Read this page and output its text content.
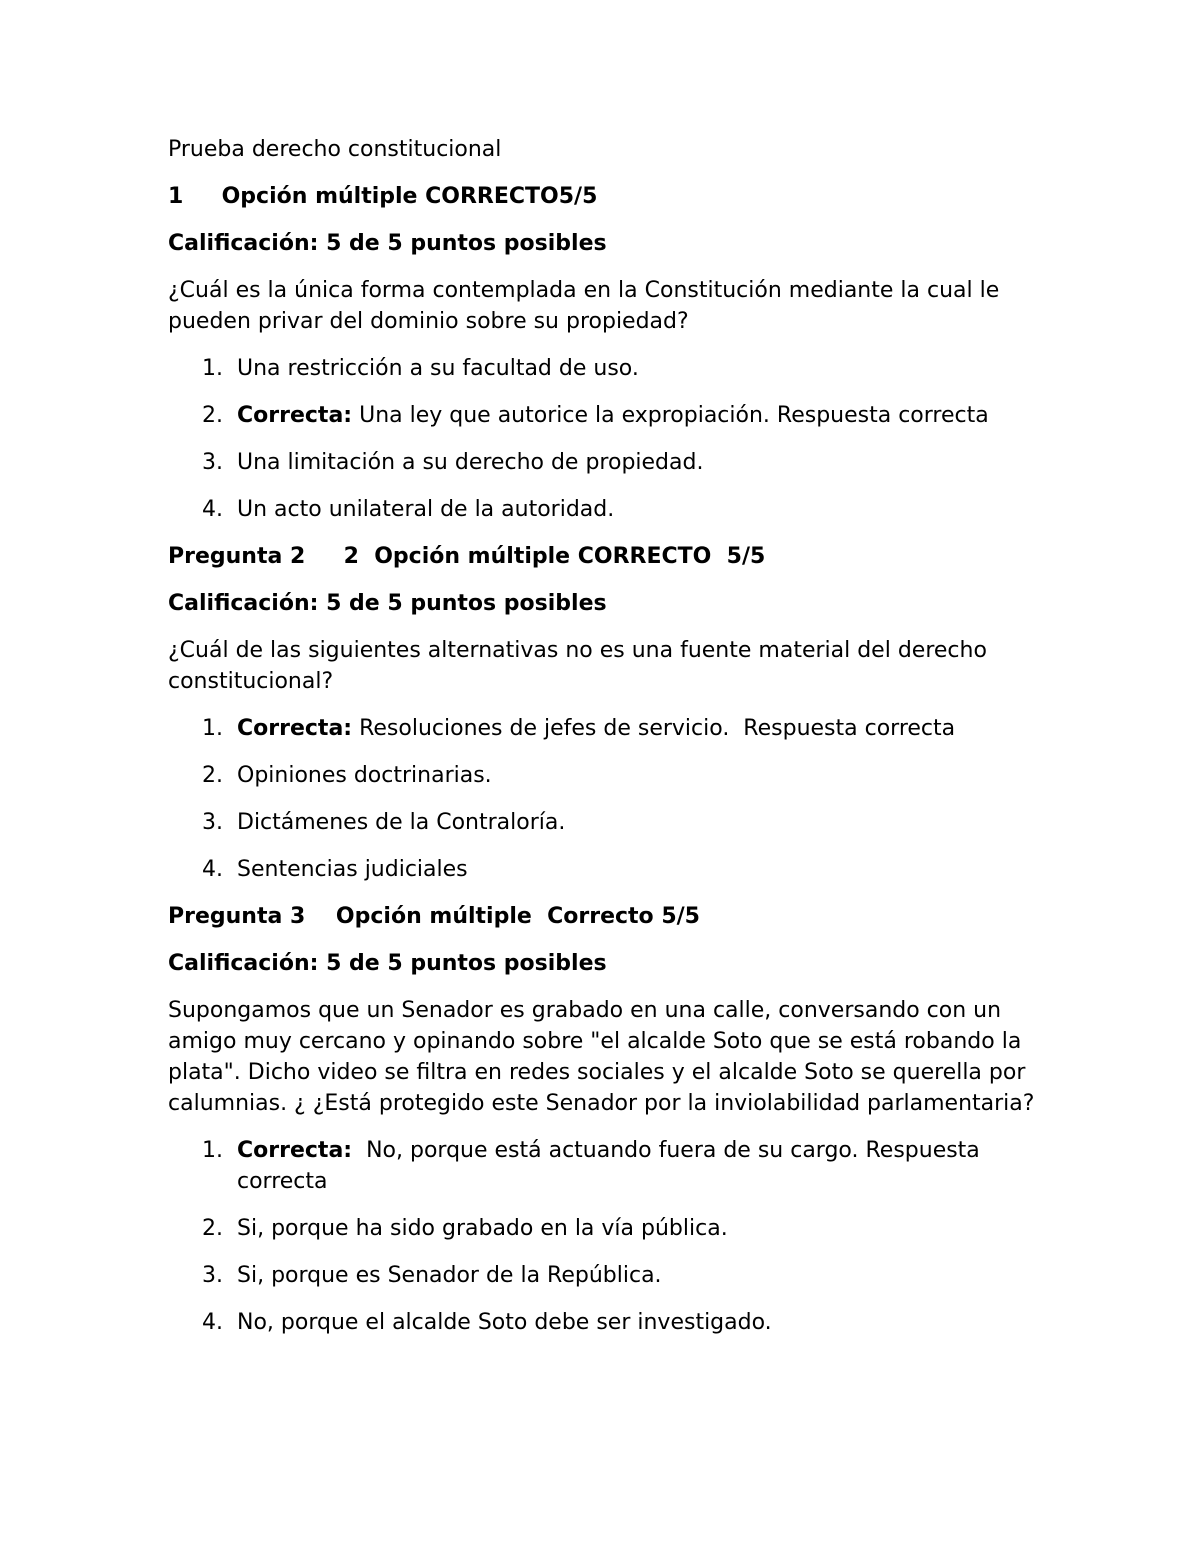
Prueba derecho constitucional
1     Opción múltiple CORRECTO5/5
Calificación: 5 de 5 puntos posibles
¿Cuál es la única forma contemplada en la Constitución mediante la cual le pueden privar del dominio sobre su propiedad?
1. Una restricción a su facultad de uso.
2. Correcta: Una ley que autorice la expropiación. Respuesta correcta
3. Una limitación a su derecho de propiedad.
4. Un acto unilateral de la autoridad.
Pregunta 2     2  Opción múltiple CORRECTO  5/5
Calificación: 5 de 5 puntos posibles
¿Cuál de las siguientes alternativas no es una fuente material del derecho constitucional?
1. Correcta: Resoluciones de jefes de servicio.  Respuesta correcta
2. Opiniones doctrinarias.
3. Dictámenes de la Contraloría.
4. Sentencias judiciales
Pregunta 3    Opción múltiple  Correcto 5/5
Calificación: 5 de 5 puntos posibles
Supongamos que un Senador es grabado en una calle, conversando con un amigo muy cercano y opinando sobre "el alcalde Soto que se está robando la plata". Dicho video se filtra en redes sociales y el alcalde Soto se querella por calumnias. ¿ ¿Está protegido este Senador por la inviolabilidad parlamentaria?
1. Correcta:  No, porque está actuando fuera de su cargo. Respuesta correcta
2. Si, porque ha sido grabado en la vía pública.
3. Si, porque es Senador de la República.
4. No, porque el alcalde Soto debe ser investigado.
